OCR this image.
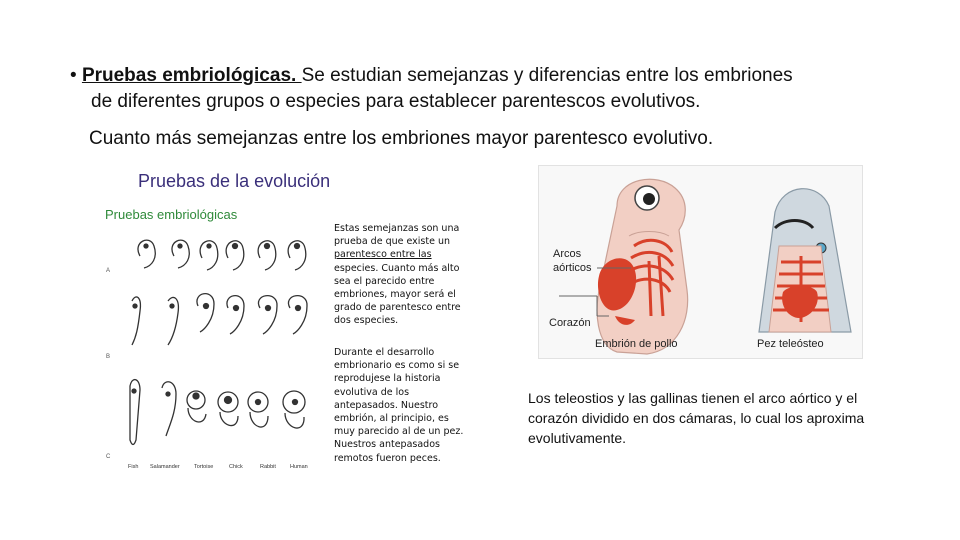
• Pruebas embriológicas. Se estudian semejanzas y diferencias entre los embriones
de diferentes grupos o especies para establecer parentescos evolutivos.
Cuanto más semejanzas entre los embriones mayor parentesco evolutivo.
Pruebas de la evolución
Pruebas embriológicas
A
B
C
Fish Salamander	Tortoise	Chick	Rabbit	Human
Estas semejanzas son una
prueba de que existe un
parentesco entre las
especies. Cuanto más alto
sea el parecido entre
embriones, mayor será el
grado de parentesco entre
dos especies.
Durante el desarrollo
embrionario es como si se
reprodujese la historia
evolutiva de los
antepasados. Nuestro
embrión, al principio, es
muy parecido al de un pez.
Nuestros antepasados
remotos fueron peces.
Arcos
aórticos
Corazón
Embrión de pollo	Pez teleósteo
Los teleostios y las gallinas tienen el arco aórtico y el corazón dividido en dos cámaras, lo cual los aproxima evolutivamente.
